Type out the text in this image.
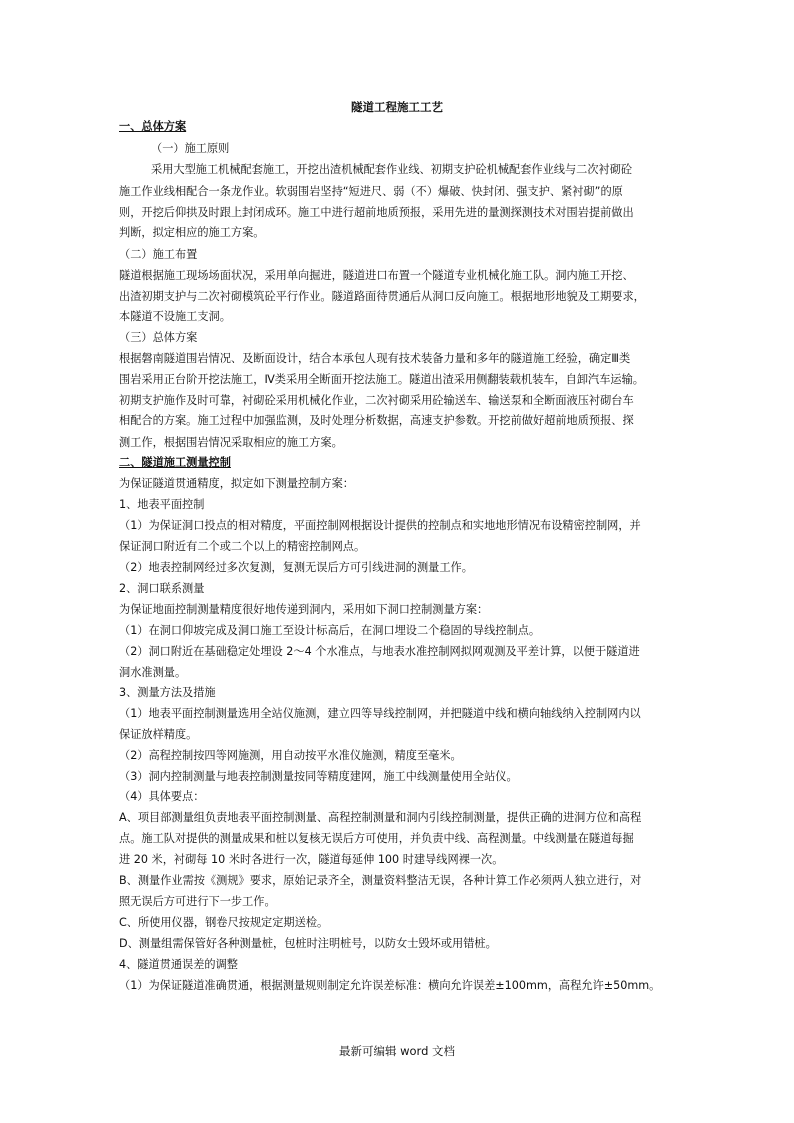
隧道工程施工工艺
一、总体方案
（一）施工原则
采用大型施工机械配套施工，开挖出渣机械配套作业线、初期支护砼机械配套作业线与二次衬砌砼
施工作业线相配合一条龙作业。软弱围岩坚持“短进尺、弱（不）爆破、快封闭、强支护、紧衬砌”的原
则，开挖后仰拱及时跟上封闭成环。施工中进行超前地质预报，采用先进的量测探测技术对围岩提前做出
判断，拟定相应的施工方案。
（二）施工布置
隧道根据施工现场场面状况，采用单向掘进，隧道进口布置一个隧道专业机械化施工队。洞内施工开挖、
出渣初期支护与二次衬砌模筑砼平行作业。隧道路面待贯通后从洞口反向施工。根据地形地貌及工期要求，
本隧道不设施工支洞。
（三）总体方案
根据磐南隧道围岩情况、及断面设计，结合本承包人现有技术装备力量和多年的隧道施工经验，确定Ⅲ类
围岩采用正台阶开挖法施工，Ⅳ类采用全断面开挖法施工。隧道出渣采用侧翻装载机装车，自卸汽车运输。
初期支护施作及时可靠，衬砌砼采用机械化作业，二次衬砌采用砼输送车、输送泵和全断面液压衬砌台车
相配合的方案。施工过程中加强监测，及时处理分析数据，高速支护参数。开挖前做好超前地质预报、探
测工作，根据围岩情况采取相应的施工方案。
二、隧道施工测量控制
为保证隧道贯通精度，拟定如下测量控制方案：
1、地表平面控制
（1）为保证洞口投点的相对精度，平面控制网根据设计提供的控制点和实地地形情况布设精密控制网，并
保证洞口附近有二个或二个以上的精密控制网点。
（2）地表控制网经过多次复测，复测无误后方可引线进洞的测量工作。
2、洞口联系测量
为保证地面控制测量精度很好地传递到洞内，采用如下洞口控制测量方案：
（1）在洞口仰坡完成及洞口施工至设计标高后，在洞口埋设二个稳固的导线控制点。
（2）洞口附近在基础稳定处埋设 2～4 个水准点，与地表水准控制网拟网观测及平差计算，以便于隧道进
洞水准测量。
3、测量方法及措施
（1）地表平面控制测量选用全站仪施测，建立四等导线控制网，并把隧道中线和横向轴线纳入控制网内以
保证放样精度。
（2）高程控制按四等网施测，用自动按平水准仪施测，精度至毫米。
（3）洞内控制测量与地表控制测量按同等精度建网，施工中线测量使用全站仪。
（4）具体要点：
A、项目部测量组负责地表平面控制测量、高程控制测量和洞内引线控制测量，提供正确的进洞方位和高程
点。施工队对提供的测量成果和桩以复核无误后方可使用，并负责中线、高程测量。中线测量在隧道每掘
进 20 米，衬砌每 10 米时各进行一次，隧道每延伸 100 时建导线网裸一次。
B、测量作业需按《测规》要求，原始记录齐全，测量资料整洁无误，各种计算工作必须两人独立进行，对
照无误后方可进行下一步工作。
C、所使用仪器，钢卷尺按规定定期送检。
D、测量组需保管好各种测量桩，包桩时注明桩号，以防女士毁坏或用错桩。
4、隧道贯通误差的调整
（1）为保证隧道准确贯通，根据测量规则制定允许误差标准：横向允许误差±100mm，高程允许±50mm。
最新可编辑 word 文档
